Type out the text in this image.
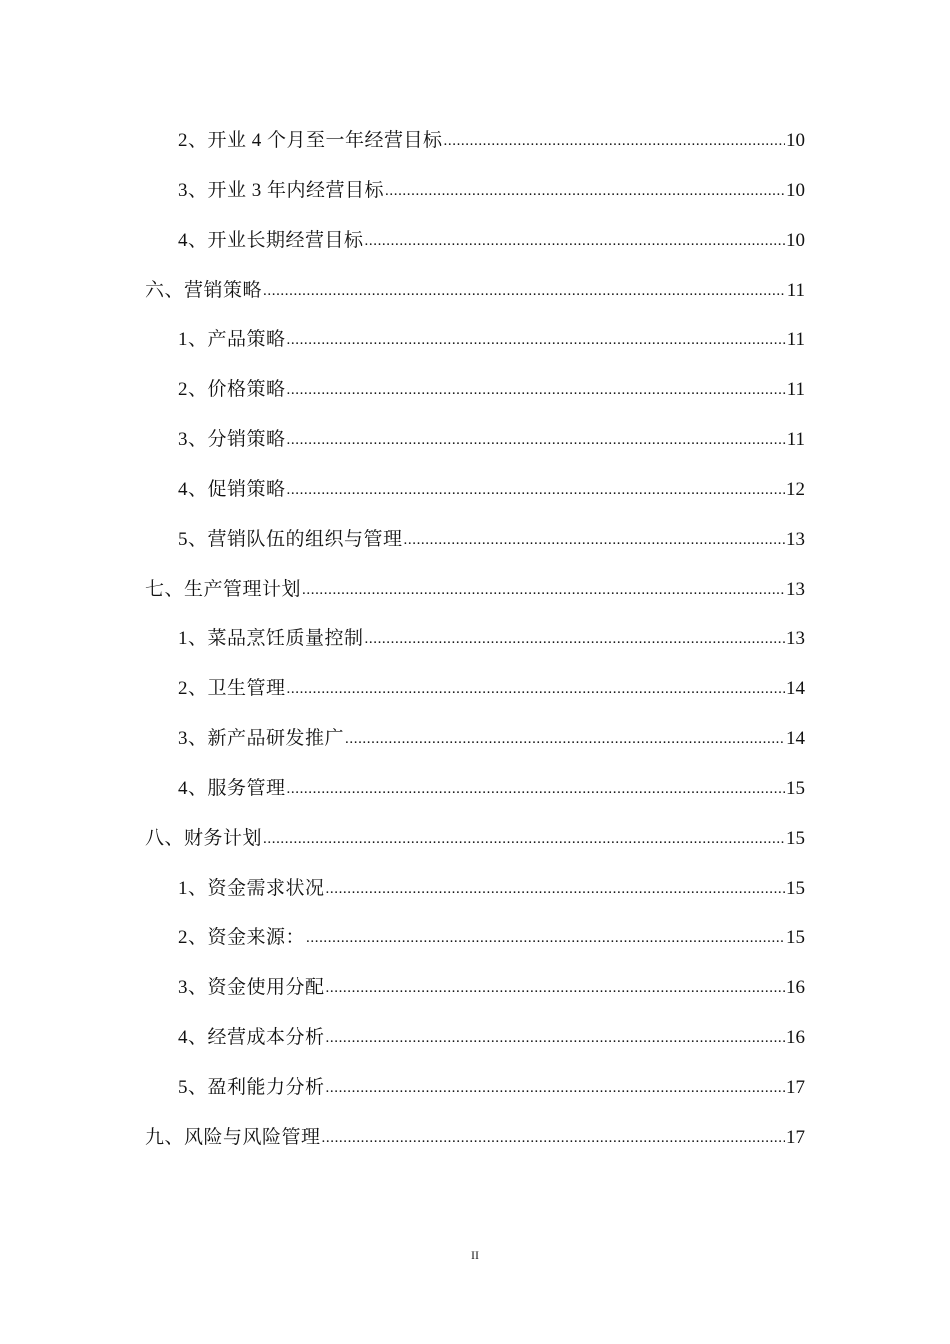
2、开业 4 个月至一年经营目标 .....	10
3、开业 3 年内经营目标 .....	10
4、开业长期经营目标 .....	10
六、营销策略 .....	11
1、产品策略 .....	11
2、价格策略 .....	11
3、分销策略 .....	11
4、促销策略 .....	12
5、营销队伍的组织与管理 .....	13
七、生产管理计划 .....	13
1、菜品烹饪质量控制 .....	13
2、卫生管理 .....	14
3、新产品研发推广 .....	14
4、服务管理 .....	15
八、财务计划 .....	15
1、资金需求状况 .....	15
2、资金来源： .....	15
3、资金使用分配 .....	16
4、经营成本分析 .....	16
5、盈利能力分析 .....	17
九、风险与风险管理 .....	17
II
